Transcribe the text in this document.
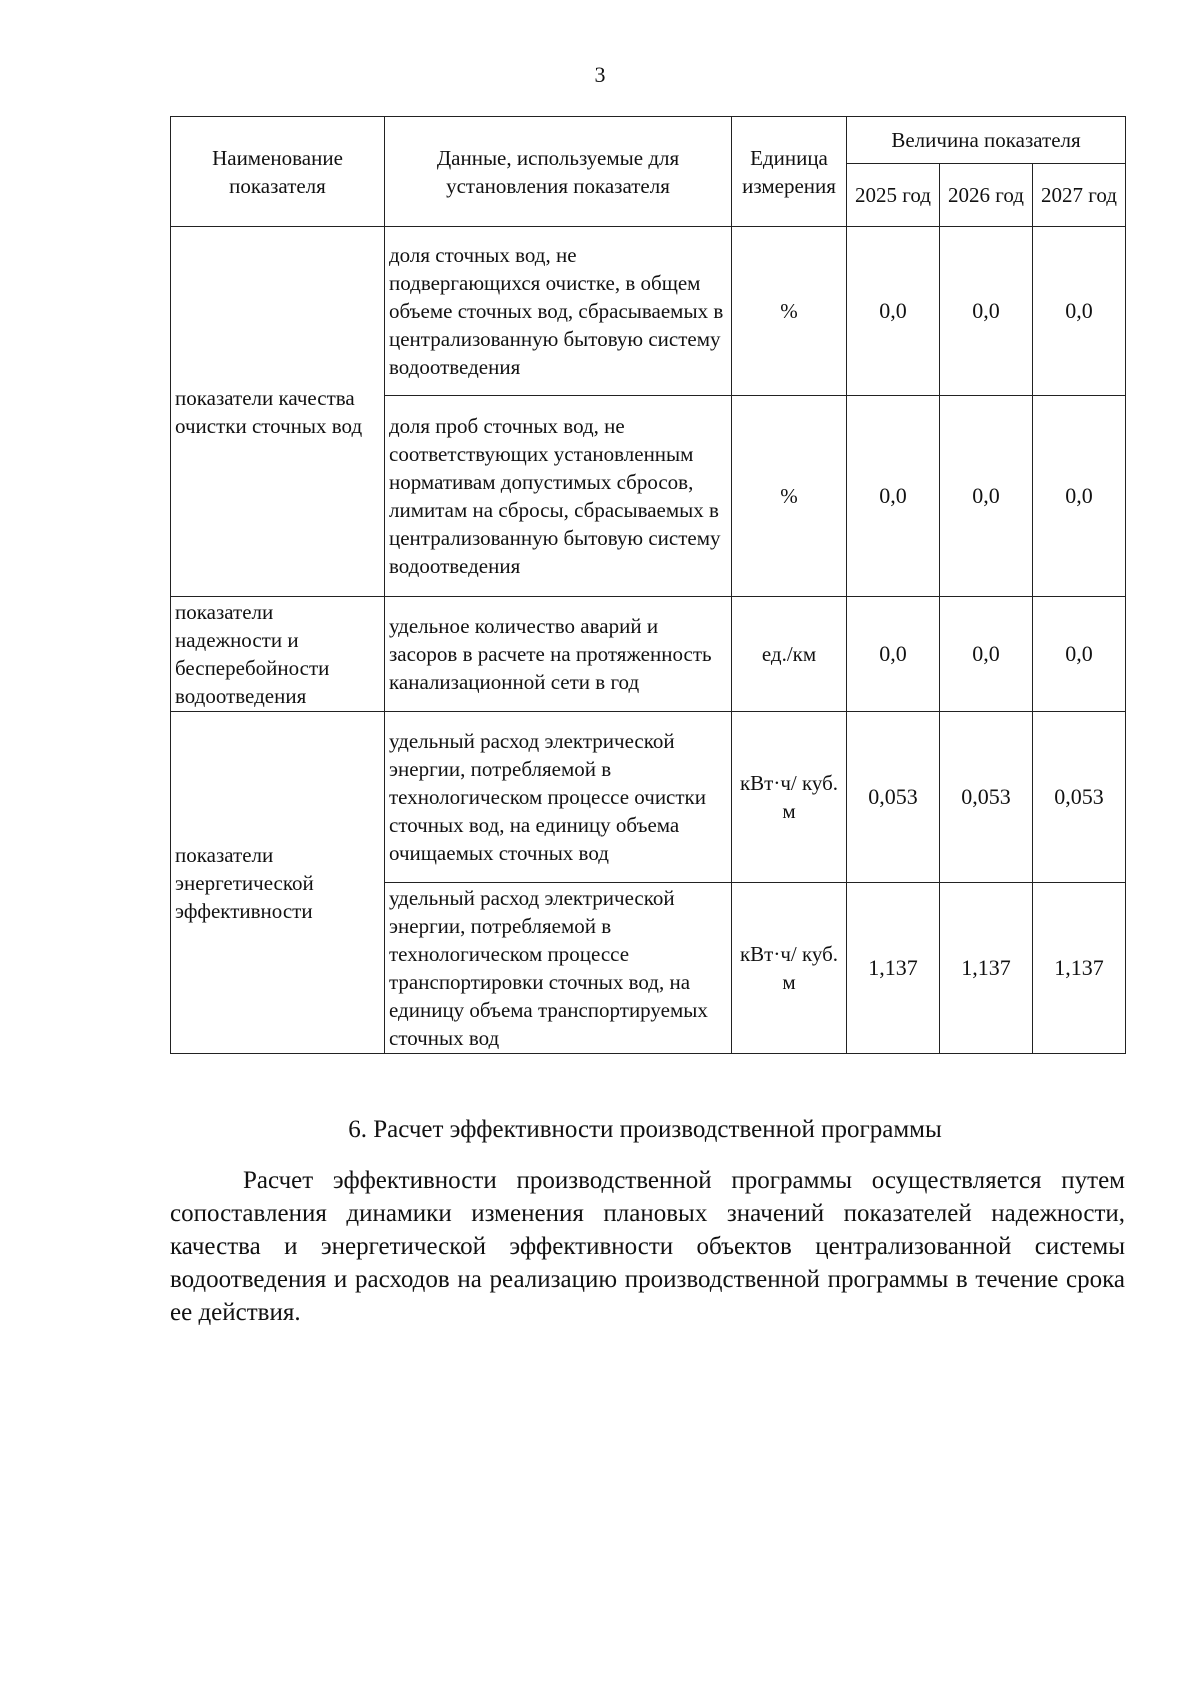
3
Наименование показателя	Данные, используемые для установления показателя	Единица измерения	Величина показателя		
			2025 год	2026 год	2027 год
показатели качества очистки сточных вод	доля сточных вод, не подвергающихся очистке, в общем объеме сточных вод, сбрасываемых в централизованную бытовую систему водоотведения	%	0,0	0,0	0,0
	доля проб сточных вод, не соответствующих установленным нормативам допустимых сбросов, лимитам на сбросы, сбрасываемых в централизованную бытовую систему водоотведения	%	0,0	0,0	0,0
показатели надежности и бесперебойности водоотведения	удельное количество аварий и засоров в расчете на протяженность канализационной сети в год	ед./км	0,0	0,0	0,0
показатели энергетической эффективности	удельный расход электрической энергии, потребляемой в технологическом процессе очистки сточных вод, на единицу объема очищаемых сточных вод	кВт·ч/ куб. м	0,053	0,053	0,053
	удельный расход электрической энергии, потребляемой в технологическом процессе транспортировки сточных вод, на единицу объема транспортируемых сточных вод	кВт·ч/ куб. м	1,137	1,137	1,137
6. Расчет эффективности производственной программы

Расчет эффективности производственной программы осуществляется путем сопоставления динамики изменения плановых значений показателей надежности, качества и энергетической эффективности объектов централизованной системы водоотведения и расходов на реализацию производственной программы в течение срока ее действия.
